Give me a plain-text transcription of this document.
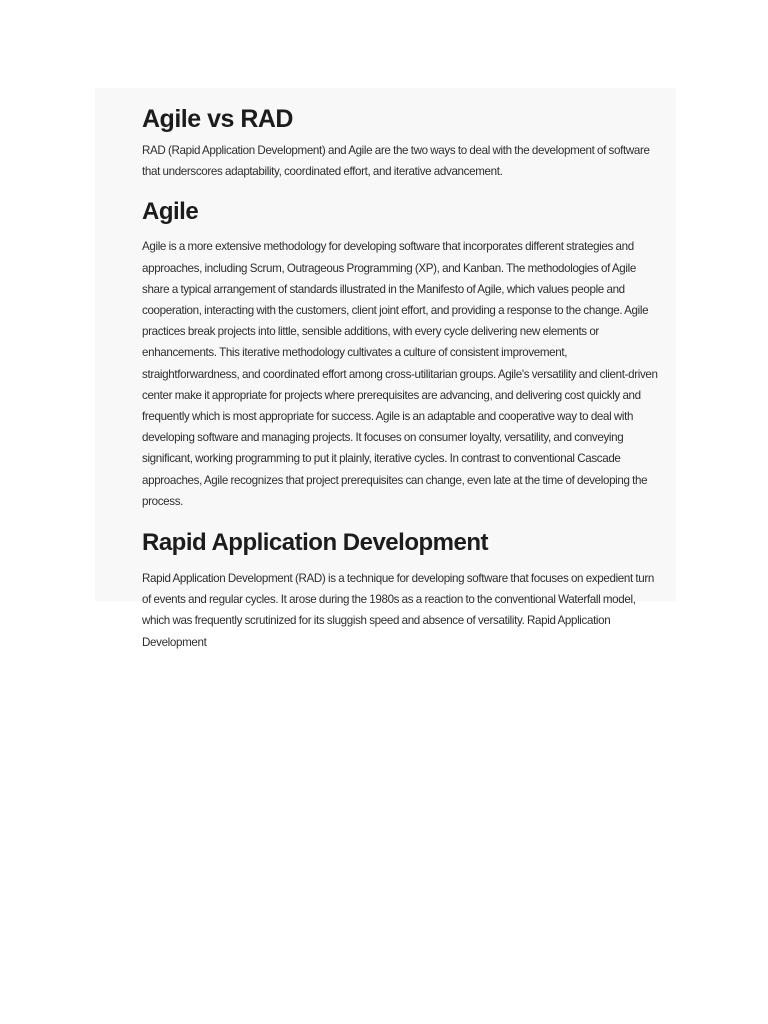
Agile vs RAD

RAD (Rapid Application Development) and Agile are the two ways to deal with the development of software that underscores adaptability, coordinated effort, and iterative advancement.

Agile

Agile is a more extensive methodology for developing software that incorporates different strategies and approaches, including Scrum, Outrageous Programming (XP), and Kanban. The methodologies of Agile share a typical arrangement of standards illustrated in the Manifesto of Agile, which values people and cooperation, interacting with the customers, client joint effort, and providing a response to the change. Agile practices break projects into little, sensible additions, with every cycle delivering new elements or enhancements. This iterative methodology cultivates a culture of consistent improvement, straightforwardness, and coordinated effort among cross-utilitarian groups. Agile's versatility and client-driven center make it appropriate for projects where prerequisites are advancing, and delivering cost quickly and frequently which is most appropriate for success. Agile is an adaptable and cooperative way to deal with developing software and managing projects. It focuses on consumer loyalty, versatility, and conveying significant, working programming to put it plainly, iterative cycles. In contrast to conventional Cascade approaches, Agile recognizes that project prerequisites can change, even late at the time of developing the process.

Rapid Application Development

Rapid Application Development (RAD) is a technique for developing software that focuses on expedient turn of events and regular cycles. It arose during the 1980s as a reaction to the conventional Waterfall model, which was frequently scrutinized for its sluggish speed and absence of versatility. Rapid Application Development
